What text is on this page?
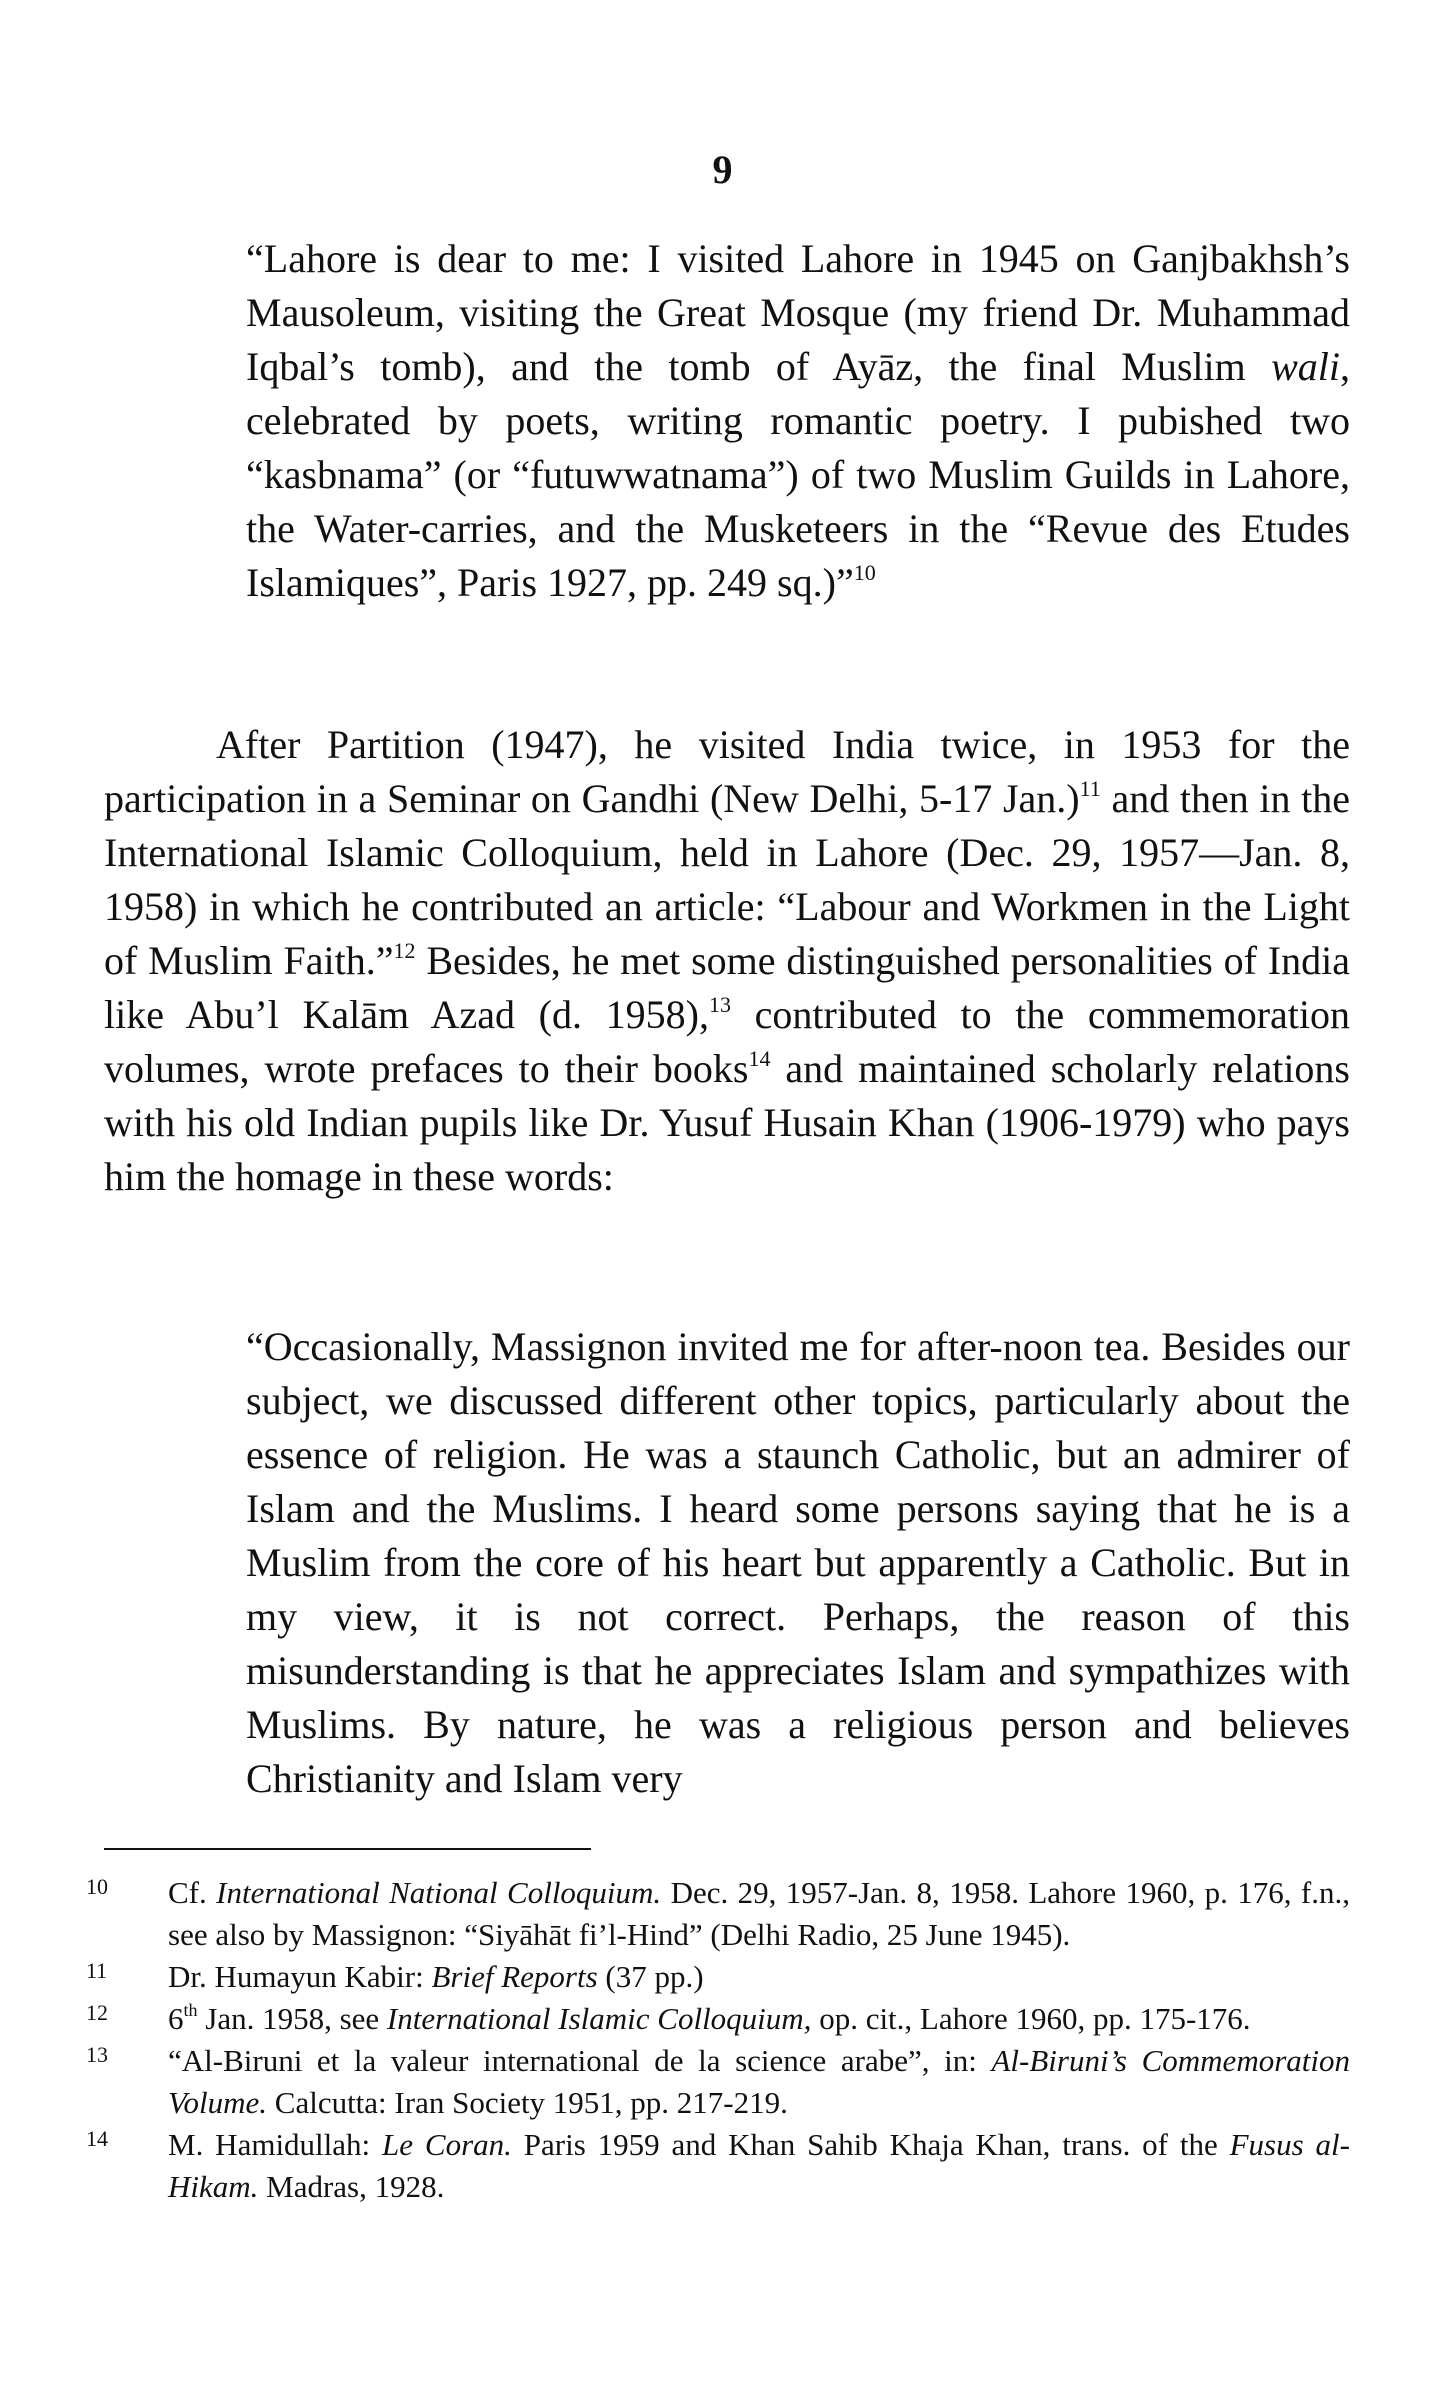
9

“Lahore is dear to me: I visited Lahore in 1945 on Ganjbakhsh’s Mausoleum, visiting the Great Mosque (my friend Dr. Muhammad Iqbal’s tomb), and the tomb of Ayāz, the final Muslim wali, celebrated by poets, writing romantic poetry. I pubished two “kasbnama” (or “futuwwatnama”) of two Muslim Guilds in Lahore, the Water-carries, and the Musketeers in the “Revue des Etudes Islamiques”, Paris 1927, pp. 249 sq.)”$^{10}$

After Partition (1947), he visited India twice, in 1953 for the participation in a Seminar on Gandhi (New Delhi, 5-17 Jan.)$^{11}$ and then in the International Islamic Colloquium, held in Lahore (Dec. 29, 1957—Jan. 8, 1958) in which he contributed an article: “Labour and Workmen in the Light of Muslim Faith.”$^{12}$ Besides, he met some distinguished personalities of India like Abu’l Kalām Azad (d. 1958),$^{13}$ contributed to the commemoration volumes, wrote prefaces to their books$^{14}$ and maintained scholarly relations with his old Indian pupils like Dr. Yusuf Husain Khan (1906-1979) who pays him the homage in these words:

“Occasionally, Massignon invited me for after-noon tea. Besides our subject, we discussed different other topics, particularly about the essence of religion. He was a staunch Catholic, but an admirer of Islam and the Muslims. I heard some persons saying that he is a Muslim from the core of his heart but apparently a Catholic. But in my view, it is not correct. Perhaps, the reason of this misunderstanding is that he appreciates Islam and sympathizes with Muslims. By nature, he was a religious person and believes Christianity and Islam very

10	Cf. International National Colloquium. Dec. 29, 1957-Jan. 8, 1958. Lahore 1960, p. 176, f.n., see also by Massignon: “Siyāhāt fi’l-Hind” (Delhi Radio, 25 June 1945).
11	Dr. Humayun Kabir: Brief Reports (37 pp.)
12	6th Jan. 1958, see International Islamic Colloquium, op. cit., Lahore 1960, pp. 175-176.
13	“Al-Biruni et la valeur international de la science arabe”, in: Al-Biruni’s Commemoration Volume. Calcutta: Iran Society 1951, pp. 217-219.
14	M. Hamidullah: Le Coran. Paris 1959 and Khan Sahib Khaja Khan, trans. of the Fusus al-Hikam. Madras, 1928.
